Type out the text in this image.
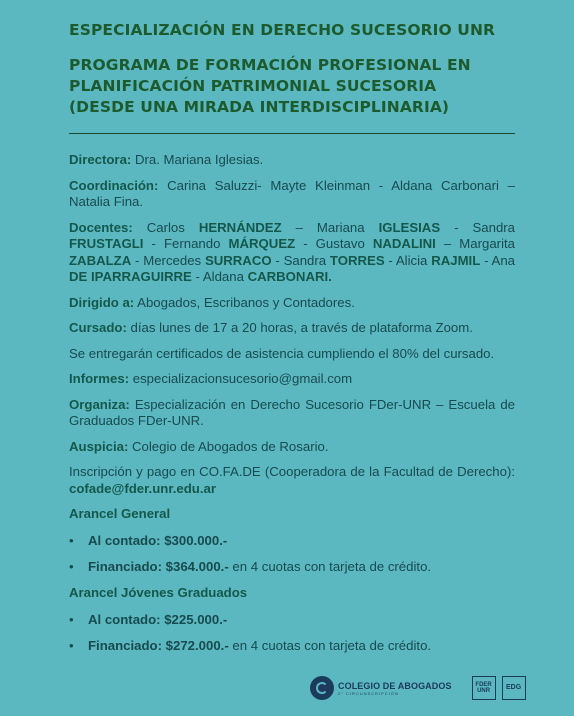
ESPECIALIZACIÓN EN DERECHO SUCESORIO UNR
PROGRAMA DE FORMACIÓN PROFESIONAL EN
PLANIFICACIÓN PATRIMONIAL SUCESORIA
(DESDE UNA MIRADA INTERDISCIPLINARIA)

Directora: Dra. Mariana Iglesias.

Coordinación: Carina Saluzzi- Mayte Kleinman - Aldana Carbonari – Natalia Fina.

Docentes: Carlos HERNÁNDEZ – Mariana IGLESIAS - Sandra FRUSTAGLI - Fernando MÁRQUEZ - Gustavo NADALINI – Margarita ZABALZA - Mercedes SURRACO - Sandra TORRES - Alicia RAJMIL - Ana DE IPARRAGUIRRE - Aldana CARBONARI.

Dirigido a: Abogados, Escribanos y Contadores.

Cursado: días lunes de 17 a 20 horas, a través de plataforma Zoom.

Se entregarán certificados de asistencia cumpliendo el 80% del cursado.

Informes: especializacionsucesorio@gmail.com

Organiza: Especialización en Derecho Sucesorio FDer-UNR – Escuela de Graduados FDer-UNR.

Auspicia: Colegio de Abogados de Rosario.

Inscripción y pago en CO.FA.DE (Cooperadora de la Facultad de Derecho): cofade@fder.unr.edu.ar

Arancel General
• Al contado: $300.000.-
• Financiado: $364.000.- en 4 cuotas con tarjeta de crédito.
Arancel Jóvenes Graduados
• Al contado: $225.000.-
• Financiado: $272.000.- en 4 cuotas con tarjeta de crédito.
COLEGIO DE ABOGADOS
2° CIRCUNSCRIPCIÓN
FDER
UNR	EDG
